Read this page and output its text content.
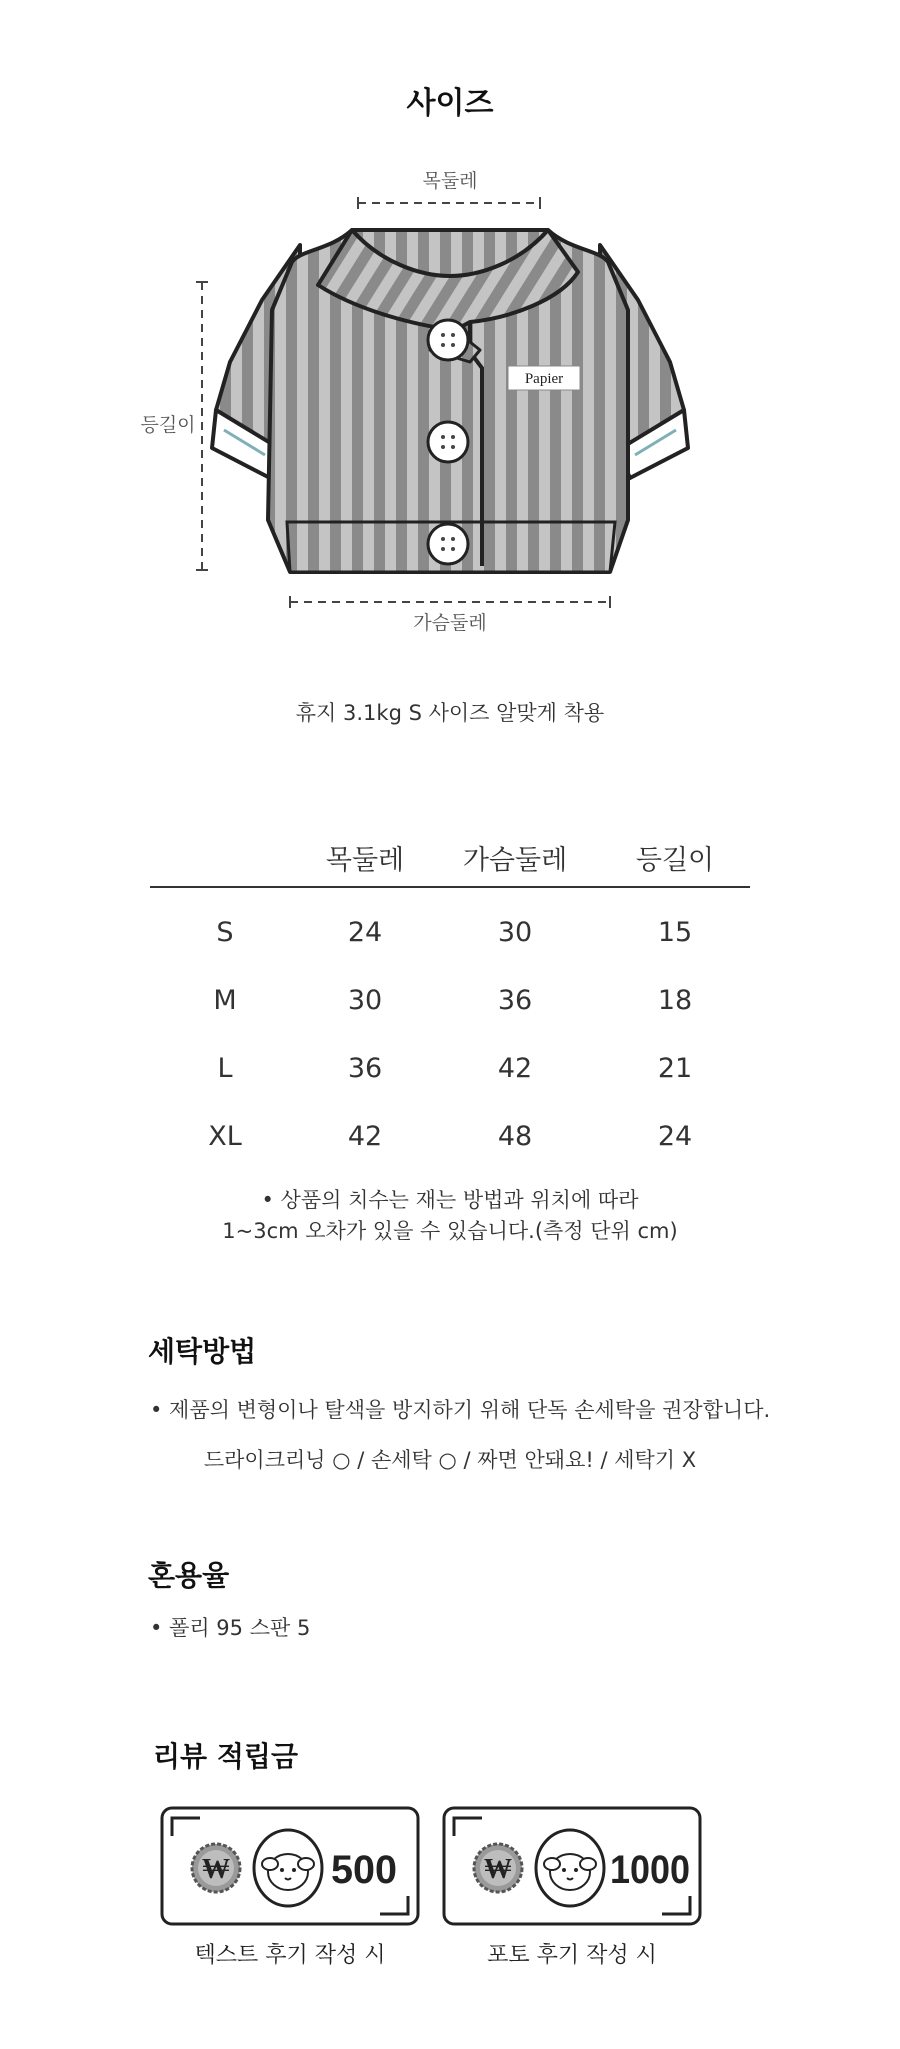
사이즈
목둘레
등길이
가슴둘레
Papier
휴지 3.1kg S 사이즈 알맞게 착용
	목둘레	가슴둘레	등길이
S	24	30	15
M	30	36	18
L	36	42	21
XL	42	48	24
• 상품의 치수는 재는 방법과 위치에 따라
1~3cm 오차가 있을 수 있습니다.(측정 단위 cm)
세탁방법
• 제품의 변형이나 탈색을 방지하기 위해 단독 손세탁을 권장합니다.
드라이크리닝 ○ / 손세탁 ○ / 짜면 안돼요! / 세탁기 X
혼용율
• 폴리 95 스판 5
리뷰 적립금
₩	500
텍스트 후기 작성 시
₩ 1000
포토 후기 작성 시
